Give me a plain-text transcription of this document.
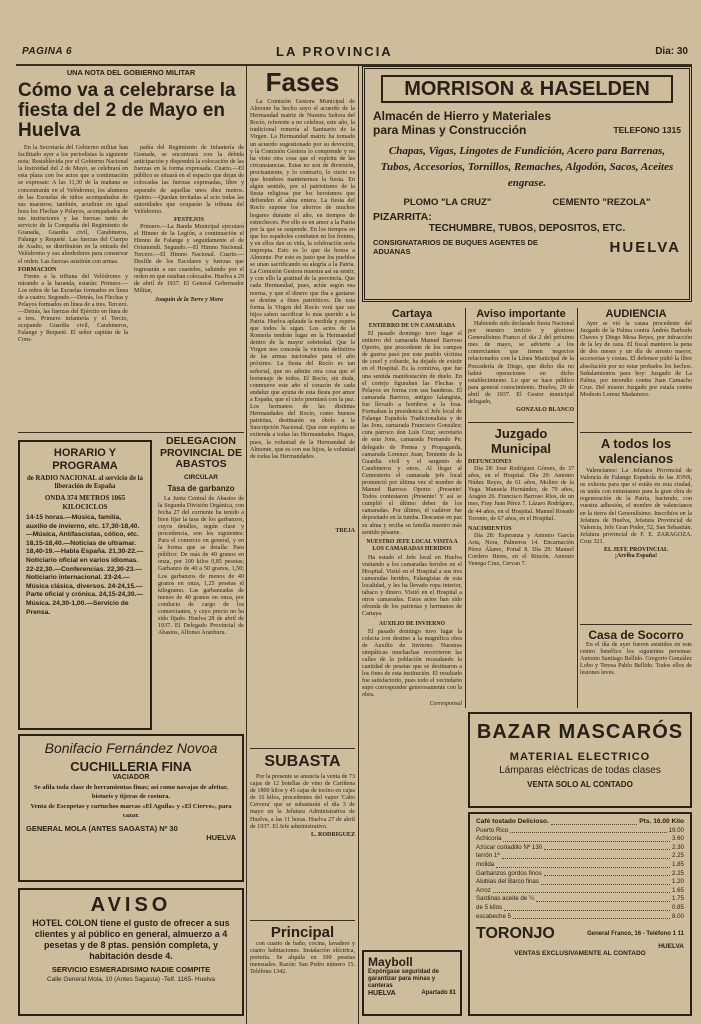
PAGINA 6	LA PROVINCIA	Dia: 30
UNA NOTA DEL GOBIERNO MILITAR
Cómo va a celebrarse la fiesta del 2 de Mayo en Huelva

En la Secretaría del Gobierno militar han facilitado ayer a los periodistas la siguiente nota: Restablecida por el Gobierno Nacional la festividad del 2 de Mayo, se celebrará en esta plaza con los actos que a continuación se expresan: A las 11,30 de la mañana se concentrarán en el Velódromo, los alumnos de las Escuelas de niños acompañados de sus maestros; también, acudirán en igual hora los Flechas y Pelayos, acompañados de sus instructores y las fuerzas tanto de servicio de la Compañía del Regimiento de Granada, Guardia civil, Carabineros, Falange y Requeté. Las fuerzas del Cuerpo de Asalto, se distribuirán en la entrada del Velódromo y sus alrededores para conservar el orden. Las fuerzas asistirán con armas.

FORMACION

Frente a la tribuna del Velódromo y mirando a la baranda, estarán: Primero.—Los niños de las Escuelas formados en línea de a cuatro. Segundo.—Detrás, los Flechas y Pelayos formados en línea de a tres. Tercero.—Detrás, las fuerzas del Ejército en línea de a tres. Primero infantería y el Tercio, ocupando Guardia civil, Carabineros, Falange y Requeté. El señor capitán de la Com-

pañía del Regimiento de Infantería de Granada, se encontrará con la debida anticipación y dispondrá la colocación de las fuerzas en la forma expresada. Cuarto.—El público se situará en el espacio que dejan de colocadas las fuerzas expresadas, libre y separado de aquellas unos diez metros. Quinto.—Quedan invitadas al acto todas las autoridades que ocuparán la tribuna del Velódromo.

FESTEJOS

Primero.—La Banda Municipal ejecutará el Himno de la Legión, a continuación el Himno de Falange y seguidamente el de Oriamendi. Segundo.—El Himno Nacional. Tercero.—El Himno Nacional. Cuarto.—Desfile de los Escolares y fuerzas que regresarán a sus cuarteles, saliendo por el orden en que estaban colocados. Huelva a 29 de abril de 1937. El General Gobernador Militar,

Joaquín de la Torre y Mora
Fases

La Comisión Gestora Municipal de Almonte ha hecho suyo el acuerdo de la Hermandad matriz de Nuestra Señora del Rocío, referente a no celebrar, este año, la tradicional romería al Santuario de la Virgen. La Hermandad matriz ha tomado un acuerdo sugestionado por su devoción, y la Comisión Gestora lo comprende y no ha visto otra cosa que el espíritu de las circunstancias. Estas no son de diversión, precisamente, y lo contrario, lo cierto es que hombres mantenemos la fiesta. En algún sentido, por el patriotismo de la fiesta religiosa por los heroísmos que defienden el alma entera. La fiesta del Rocío supone los ahorros de muchos hogares durante el año, en tiempos de estrecheces. Por ello es en amor a la Patria por la que se suspende. En los tiempos en que los españoles combaten en los frentes, y en ellos dan su vida, la celebración sería impropia. Esto es lo que da honra a Almonte. Por esto es justo que los pueblos se unan sacrificando su alegría a la Patria. La Comisión Gestora muestra así su sentir, y con ello la gratitud de la provincia. Que cada Hermandad, pues, actúe según esa norma, y que el dinero que iba a gastarse se destine a fines patrióticos. De esta forma la Virgen del Rocío verá que sus hijos saben sacrificar lo más querido a la Patria. Huelva aplaude la medida y espera que todos la sigan. Los actos de la Romería tendrán lugar en la Hermandad dentro de la mayor sobriedad. Que la Virgen nos conceda la victoria definitiva de las armas nacionales para el año próximo. La fiesta del Rocío es tan señorial, que no admite otra cosa que el homenaje de todos. El Rocío, sin duda, conmueve este año el corazón de cada andaluz que ayuna de esta fiesta por amor a España, que el cielo premiará con la paz. Los hermanos de las distintas Hermandades del Rocío, como buenos patriotas, destinarán su óbolo a la Suscripción Nacional. Que este espíritu se extienda a todas las Hermandades. Hagan, pues, la voluntad de la Hermandad de Almonte, que es con sus hijos, la voluntad de todas las Hermandades.

TREJA
DELEGACION PROVINCIAL DE ABASTOS
CIRCULAR
Tasa de garbanzo

La Junta Central de Abastos de la Segunda División Orgánica, con fecha 27 del corriente ha tenido a bien fijar la tasa de los garbanzos, cuyos detalles, según clase y procedencia, son los siguientes: Para el comercio en general, y en la forma que se detalla: Para público: De más de 40 granos en onza, por 100 kilos 0,85 pesetas; Garbanzo de 40 a 50 granos, 1,50; Los garbanzos de menos de 40 granos en onza, 1,25 pesetas el kilogramo. Las garbanzadas de menos de 40 granos en onza, por conducto de cargo de los comerciantes, y cuyo precio no ha sido fijado. Huelva 28 de abril de 1937. El Delegado Provincial de Abastos, Alfonso Aranburu.

HORARIO Y PROGRAMA
de RADIO NACIONAL al servicio de la liberación de España
ONDA 374 METROS 1065 KILOCICLOS
14-15 horas.—Música, familia, auxilio de invierno, etc. 17,30-18,40.—Música, Antifascistas, cólico, etc. 18,15-18,40.—Noticias de ultramar. 18,40-19.—Habla España. 21,30-22.—Noticiario oficial en varios idiomas. 22-22,30.—Conferencias. 22,30-23.—Noticiario internacional. 23-24.—Música clásica, diversos. 24-24,15.—Parte oficial y crónica. 24,15-24,30.—Música. 24,30-1,00.—Servicio de Prensa.
Bonifacio Fernández Novoa
CUCHILLERIA FINA
VACIADOR
Se afila toda clase de herramientas finas; así como navajas de afeitar, bisturís y tijeras de costura.
Venta de Escopetas y cartuchos marcas «El Aguila» y «El Ciervo», para cazar.
GENERAL MOLA (ANTES SAGASTA) Nº 30
HUELVA
AVISO
HOTEL COLON tiene el gusto de ofrecer a sus clientes y al público en general, almuerzo a 4 pesetas y de 8 ptas. pensión completa, y habitación desde 4.
SERVICIO ESMERADISIMO NADIE COMPITE
Calle General Mola, 10 (Antes Sagasta) -Telf. 1165- Huelva
SUBASTA

Por la presente se anuncia la venta de 73 cajas de 12 botellas de vino de Cariñena de 1800 kilos y 45 cajas de tocino en cajas de 16 kilos, procedentes del vapor 'Cabo Cervera' que se subastarán el día 3 de mayo en la Jefatura Administrativa de Huelva, a las 11 horas. Huelva 27 de abril de 1937. El Jefe administrativo.

L. RODRIGUEZ
Principal

con cuarto de baño, cocina, lavadero y cuatro habitaciones. Instalación eléctrica, portería. Se alquila en 100 pesetas mensuales. Razón: San Pedro número 15. Teléfono 1342.

MORRISON & HASELDEN
Almacén de Hierro y Materiales
para Minas y Construcción	TELEFONO 1315
Chapas, Vigas, Lingotes de Fundición, Acero para Barrenas, Tubos, Accesorios, Tornillos, Remaches, Algodón, Sacos, Aceites engrase.
PLOMO "LA CRUZ"	CEMENTO "REZOLA"
PIZARRITA:
TECHUMBRE, TUBOS, DEPOSITOS, ETC.
CONSIGNATARIOS DE BUQUES AGENTES DE ADUANAS	HUELVA
Cartaya
ENTIERRO DE UN CAMARADA

El pasado domingo tuvo lugar el entierro del camarada Manuel Barroso Oporto, que procedente de los campos de guerra pasó por este pueblo víctima de cruel y cobarde, ha dejado de existir en el Hospital. Es la comitiva, que fue una sentida manifestación de duelo. En el cortejo figuraban las Flechas y Pelayos en forma con sus banderas. El camarada Barroso, antiguo falangista, fue llevado a hombros a la fosa. Formaban la presidencia el Jefe local de Falange Española Tradicionalista y de las Jons, camarada Francisco González; cura párroco don Luis Cruz; secretario de esta Jons, camarada Fernando Pe; delegado de Prensa y Propaganda, camarada Lorenzo Juan; Teniente de la Guardia civil y el sargento de Carabineros y otros. Al llegar al Cementerio el camarada jefe local pronunció por última vez el nombre de Manuel Barroso Oporto ¡Presente! Todos contestaron ¡Presente! Y así se cumplió el último deber de los camaradas. Por último, el cadáver fue depositado en la tumba. Descanse en paz su alma y reciba su familia nuestro más sentido pésame.

NUESTRO JEFE LOCAL VISITA A LOS CAMARADAS HERIDOS

Ha estado el Jefe local en Huelva visitando a los camaradas heridos en el Hospital. Visitó en el Hospital a sus tres camaradas heridos, Falangistas de esta localidad, y les ha llevado ropa interior, tabaco y dinero. Visitó en el Hospital a otros camaradas. Estos actos han sido ofrenda de los patriotas y hermanos de Cartaya.

AUXILIO DE INVIERNO

El pasado domingo tuvo lugar la colecta con destino a la magnífica obra de Auxilio de Invierno. Nuestras simpáticas muchachas recorrieron las calles de la población recaudando la cantidad de pesetas que se destinaron a los fines de esta institución. El resultado fue satisfactorio, pues todo el vecindario supo corresponder generosamente con la obra.

Corresponsal
Aviso importante

Habiendo sido declarado fiesta Nacional por nuestro invicto y glorioso Generalísimo Franco el día 2 del próximo mes de mayo, se advierte a los comerciantes que tienen negocios relacionados con la Línea Municipal de la Pescadería de Diego, que dicho día no habrá operaciones en dicho establecimiento. Lo que se hace público para general conocimiento. Huelva, 29 de abril de 1937. El Gestor municipal delegado,

GONZALO BLANCO
Juzgado Municipal
DEFUNCIONES

Día 28: José Rodríguez Gómez, de 37 años, en el Hospital. Día 29: Antonio Núñez Reyes, de 61 años, Molino de la Vega. Manuela Hernández, de 79 años, Aragón 26. Francisco Barroso Ríos, de un mes, Fray Juan Pérez 7. Lázaro Rodríguez, de 44 años, en el Hospital. Manuel Rosado Toronto, de 67 años, en el Hospital.

NACIMIENTOS

Día 28: Esperanza y Antonio García Aria, Nora, Palmeros 14. Encarnación Pérez Álamo, Portal 8. Día 29: Manuel Cordero Heres, en el Rincón. Antonio Venega Cruz, Cervan 7.

AUDIENCIA

Ayer se vió la causa procedente del Juzgado de la Palma contra Andrés Barbudo Chaves y Diego Mesa Reyes, por infracción de la ley de caza. El fiscal mantuvo la pena de dos meses y un día de arresto mayor, accesorias y costas. El defensor pidió la libre absolución por no estar probados los hechos. Señalamientos para hoy: Juzgado de La Palma, por incendio contra Juan Camacho Cruz. Del mismo Juzgado por estafa contra Modesto Lorenz Madamoro.

A todos los valencianos

Valencianos: La Jefatura Provincial de Valencia de Falange Española de las JONS, os exhorta para que si estáis en esta ciudad, os unáis con entusiasmo para la gran obra de regeneración de la Patria, haciendo, con vuestra adhesión, el nombre de valencianos en la tierra del Generalísimo. Inscribíos en la Jefatura de Huelva, Jefatura Provincial de Valencia, Jefe Gran Poder, 52, San Sebastián. Jefatura provincial de F. E. ZARAGOZA. Cruz 321.

EL JEFE PROVINCIAL
¡Arriba España!
Casa de Socorro

En el día de ayer fueron asistidos en este centro benéfico los siguientes personas: Antonio Santiago Bellido. Gregorio González Lobo y Teresa Pablo Bellido. Todos ellos de lesiones leves.

BAZAR MASCARÓS
MATERIAL ELECTRICO
Lámparas eléctricas de todas clases
VENTA SOLO AL CONTADO
Café tostado Delicioso.	Pts. 16.00 Kilo
Puerto Rico	19.00
Achicoria	3.60
Azúcar cortadillo Nº 130	2.30
terrón 1ª	2.25
molida	1.85
Garbanzos gordos finos	2.25
Alubias del Barco finas	1.20
Arroz	1.65
Sardinas aceite de ¼	1.75
de 5 kilos	0.85
escabeche 5	8.00
TORONJO	General Franco, 16 - Teléfono 1 11
HUELVA
VENTAS EXCLUSIVAMENTE AL CONTADO
Mayboll
Expóngase seguridad de garantizar para minas y canteras
HUELVA	Apartado 81
